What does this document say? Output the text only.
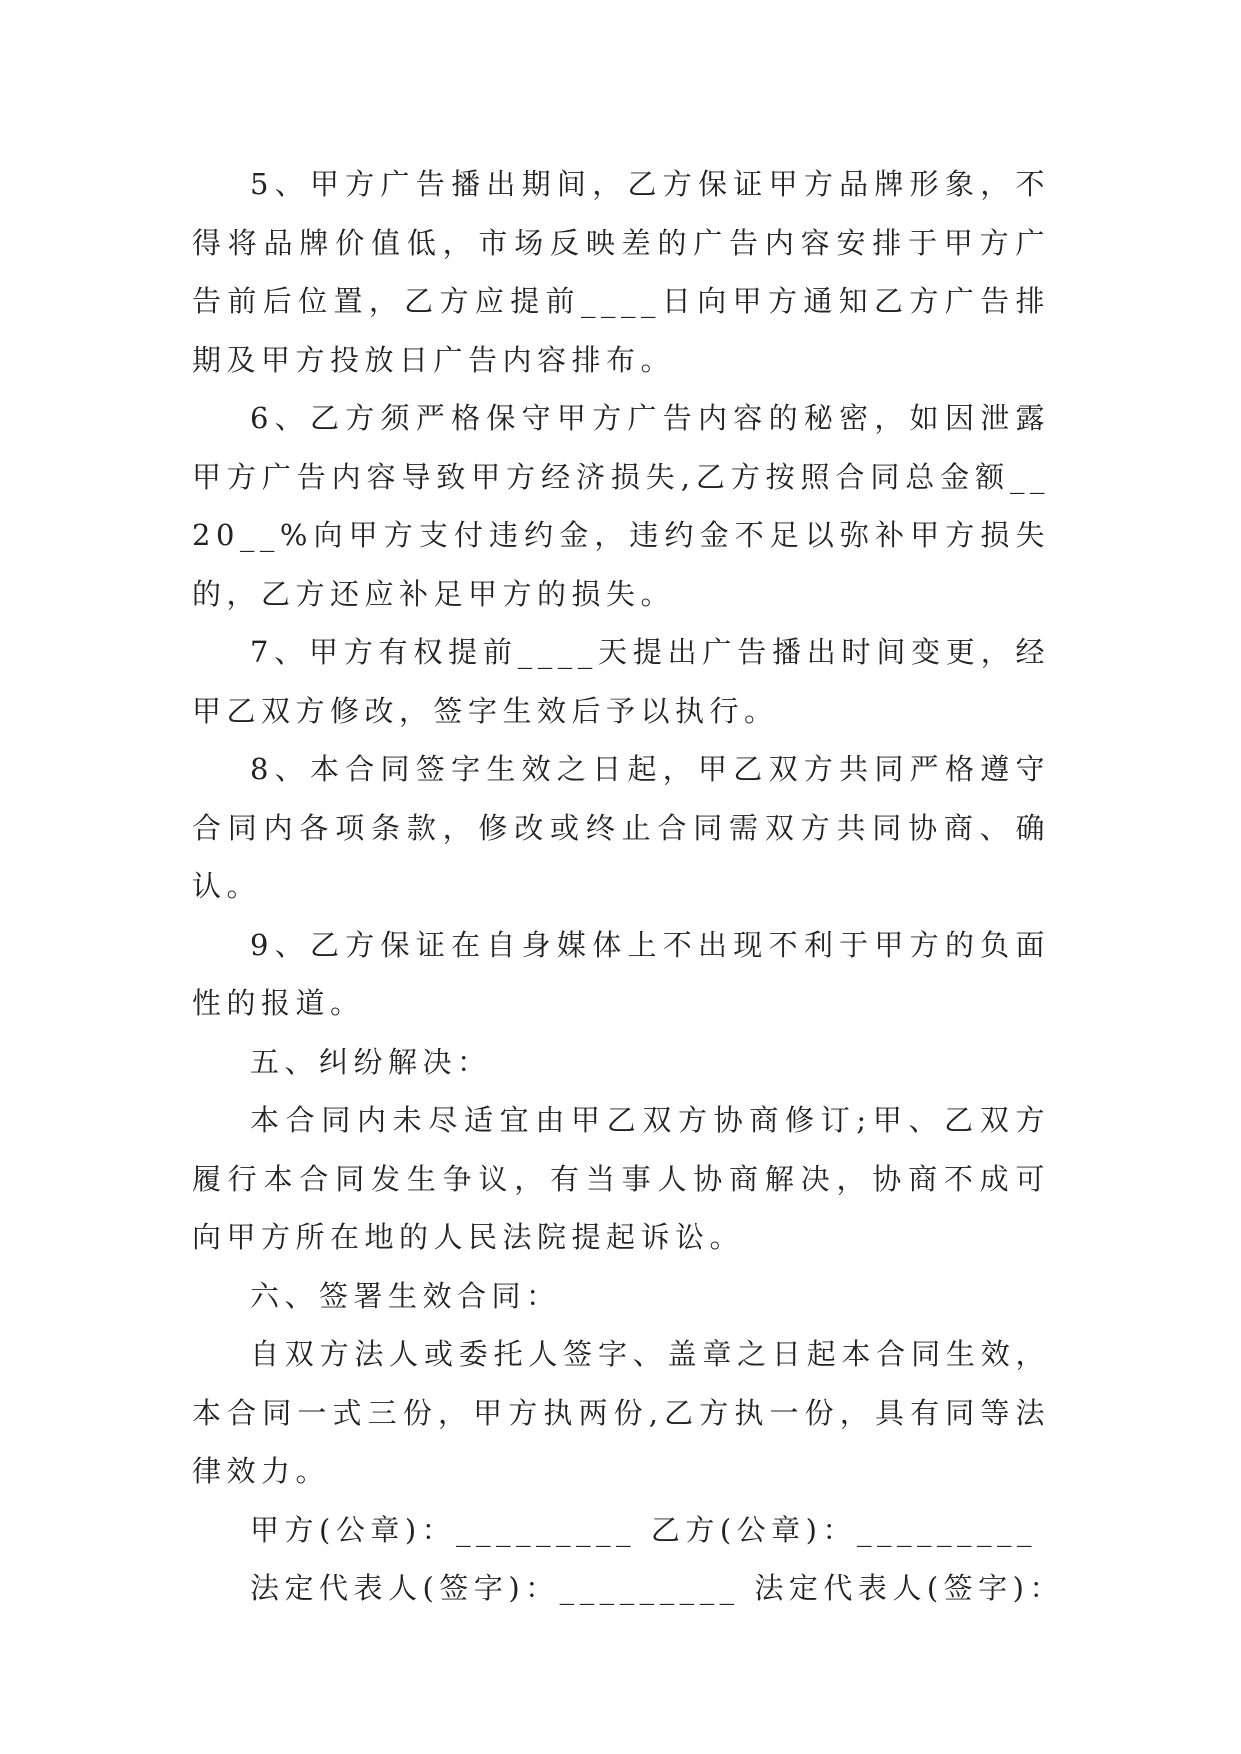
5、甲方广告播出期间，乙方保证甲方品牌形象，不得将品牌价值低，市场反映差的广告内容安排于甲方广告前后位置，乙方应提前____日向甲方通知乙方广告排期及甲方投放日广告内容排布。

6、乙方须严格保守甲方广告内容的秘密，如因泄露甲方广告内容导致甲方经济损失,乙方按照合同总金额__20__%向甲方支付违约金，违约金不足以弥补甲方损失的，乙方还应补足甲方的损失。

7、甲方有权提前____天提出广告播出时间变更，经甲乙双方修改，签字生效后予以执行。

8、本合同签字生效之日起，甲乙双方共同严格遵守合同内各项条款，修改或终止合同需双方共同协商、确认。

9、乙方保证在自身媒体上不出现不利于甲方的负面性的报道。

五、纠纷解决：

本合同内未尽适宜由甲乙双方协商修订;甲、乙双方履行本合同发生争议，有当事人协商解决，协商不成可向甲方所在地的人民法院提起诉讼。

六、签署生效合同：

自双方法人或委托人签字、盖章之日起本合同生效，本合同一式三份，甲方执两份,乙方执一份，具有同等法律效力。

甲方(公章)：_________ 乙方(公章)：_________

法定代表人(签字)：_________ 法定代表人(签字)：
